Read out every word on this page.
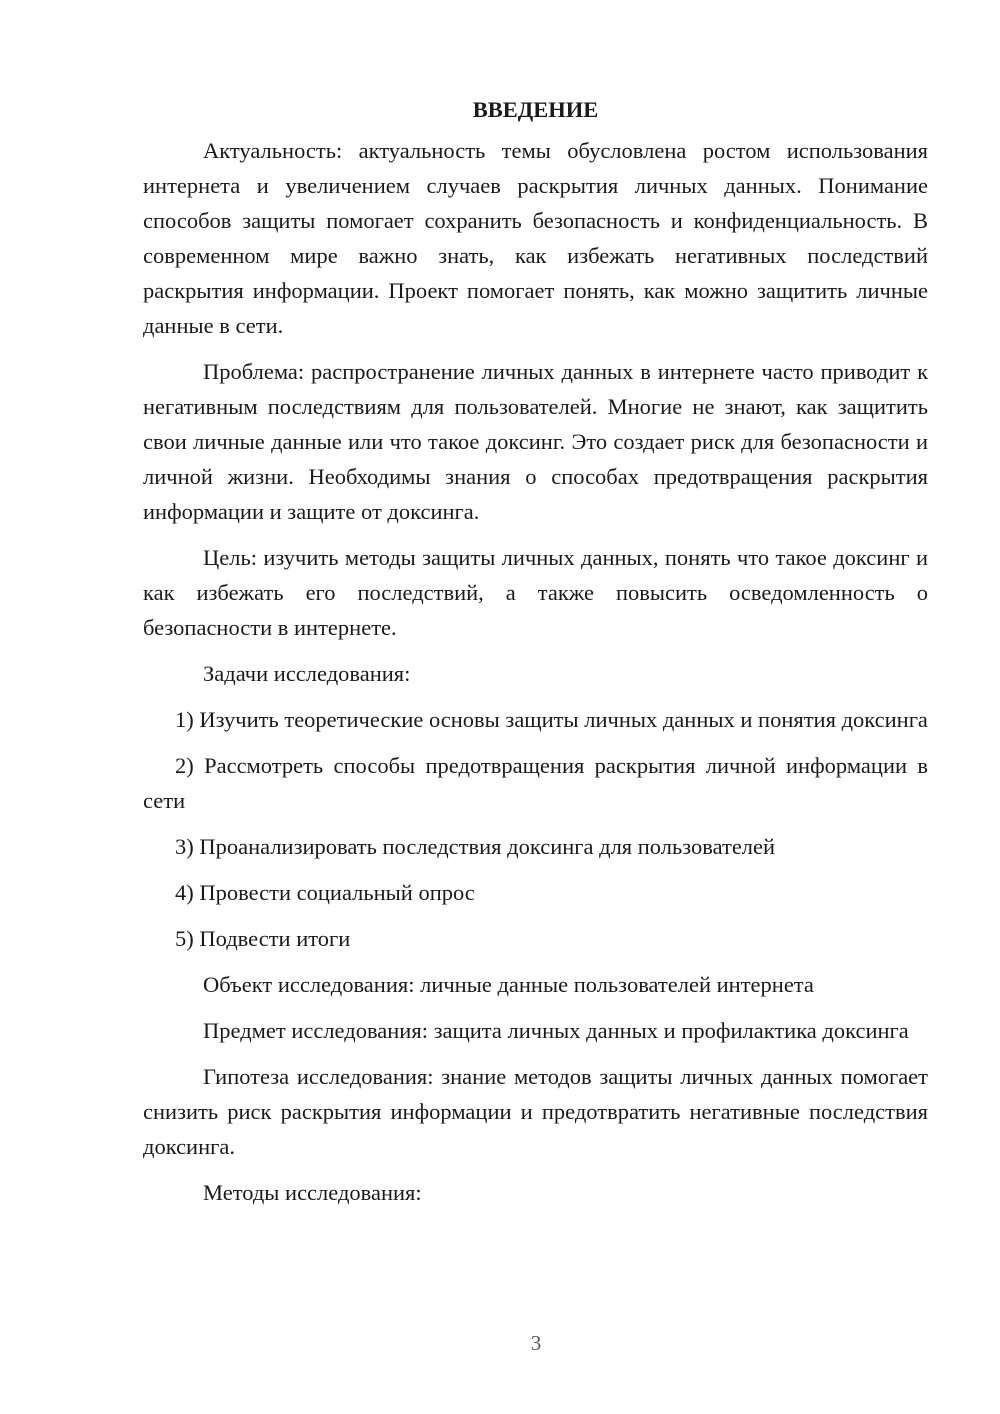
ВВЕДЕНИЕ

Актуальность: актуальность темы обусловлена ростом использования интернета и увеличением случаев раскрытия личных данных. Понимание способов защиты помогает сохранить безопасность и конфиденциальность. В современном мире важно знать, как избежать негативных последствий раскрытия информации. Проект помогает понять, как можно защитить личные данные в сети.

Проблема: распространение личных данных в интернете часто приводит к негативным последствиям для пользователей. Многие не знают, как защитить свои личные данные или что такое доксинг. Это создает риск для безопасности и личной жизни. Необходимы знания о способах предотвращения раскрытия информации и защите от доксинга.

Цель: изучить методы защиты личных данных, понять что такое доксинг и как избежать его последствий, а также повысить осведомленность о безопасности в интернете.

Задачи исследования:

1) Изучить теоретические основы защиты личных данных и понятия доксинга

2) Рассмотреть способы предотвращения раскрытия личной информации в сети

3) Проанализировать последствия доксинга для пользователей

4) Провести социальный опрос

5) Подвести итоги

Объект исследования: личные данные пользователей интернета

Предмет исследования: защита личных данных и профилактика доксинга

Гипотеза исследования: знание методов защиты личных данных помогает снизить риск раскрытия информации и предотвратить негативные последствия доксинга.

Методы исследования:

3
